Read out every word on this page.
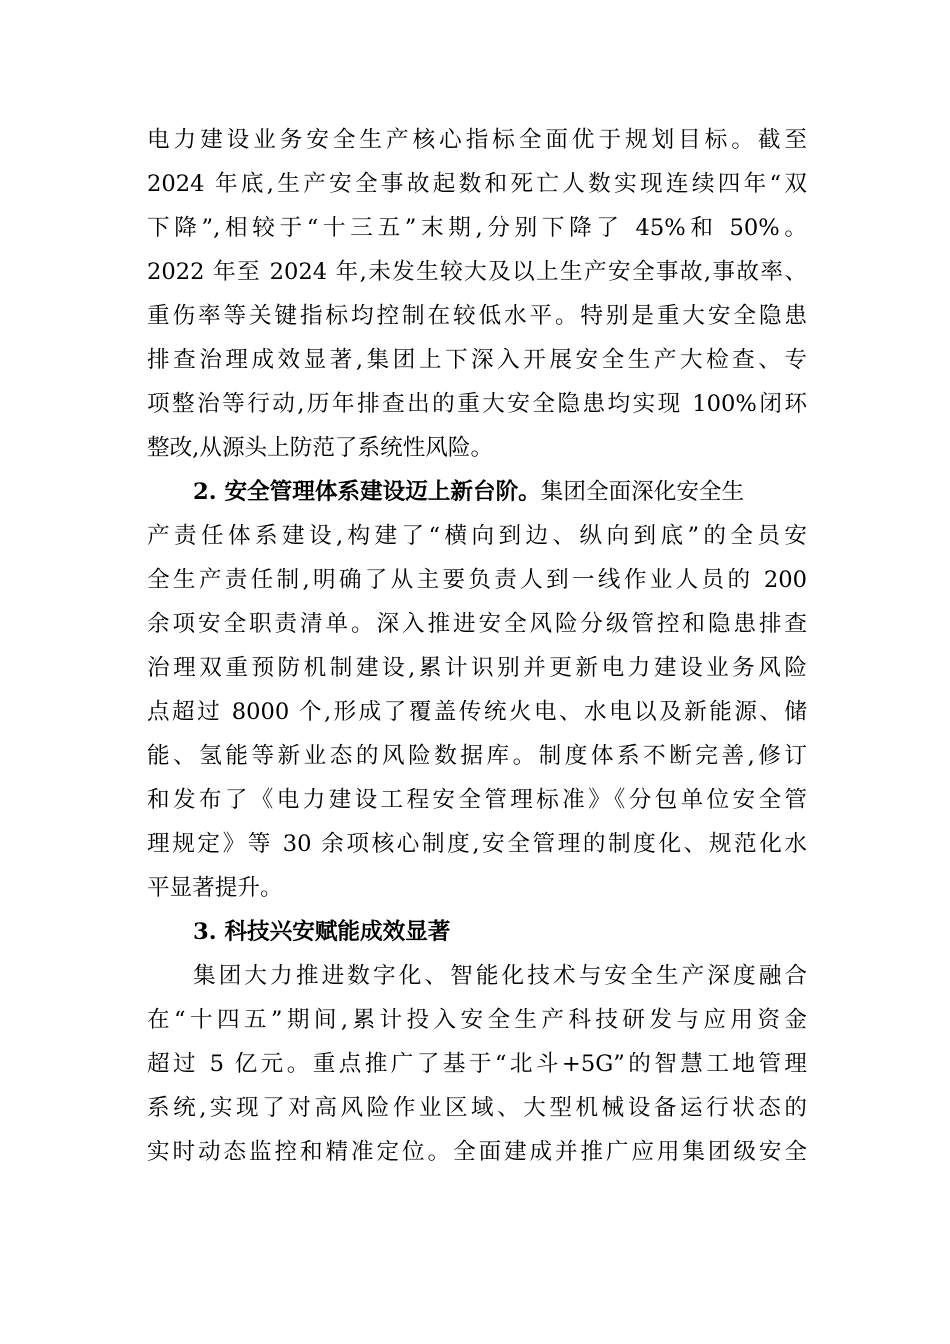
电力建设业务安全生产核心指标全面优于规划目标。截至
2024 年底,生产安全事故起数和死亡人数实现连续四年“双
下降”,相较于“十三五”末期,分别下降了 45%和 50%。
2022 年至 2024 年,未发生较大及以上生产安全事故,事故率、
重伤率等关键指标均控制在较低水平。特别是重大安全隐患
排查治理成效显著,集团上下深入开展安全生产大检查、专
项整治等行动,历年排查出的重大安全隐患均实现 100%闭环
整改,从源头上防范了系统性风险。
2. 安全管理体系建设迈上新台阶。集团全面深化安全生
产责任体系建设,构建了“横向到边、纵向到底”的全员安
全生产责任制,明确了从主要负责人到一线作业人员的 200
余项安全职责清单。深入推进安全风险分级管控和隐患排查
治理双重预防机制建设,累计识别并更新电力建设业务风险
点超过 8000 个,形成了覆盖传统火电、水电以及新能源、储
能、氢能等新业态的风险数据库。制度体系不断完善,修订
和发布了《电力建设工程安全管理标准》《分包单位安全管
理规定》等 30 余项核心制度,安全管理的制度化、规范化水
平显著提升。
3. 科技兴安赋能成效显著
集团大力推进数字化、智能化技术与安全生产深度融合
在“十四五”期间,累计投入安全生产科技研发与应用资金
超过 5 亿元。重点推广了基于“北斗+5G”的智慧工地管理
系统,实现了对高风险作业区域、大型机械设备运行状态的
实时动态监控和精准定位。全面建成并推广应用集团级安全
